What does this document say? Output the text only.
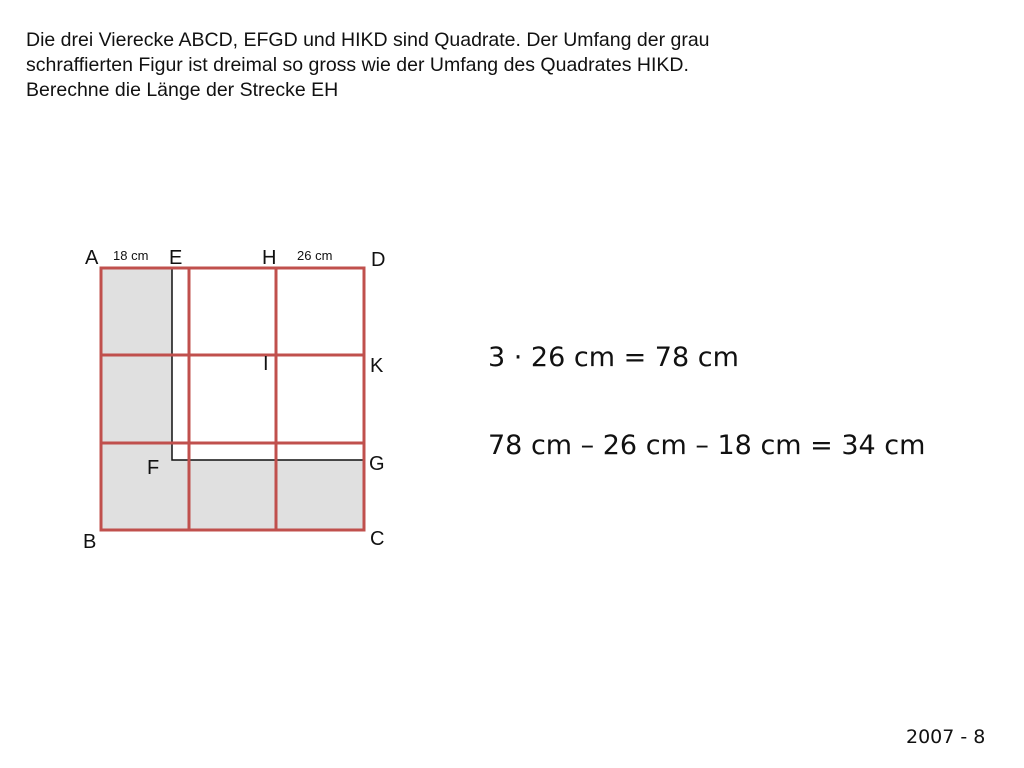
Die drei Vierecke ABCD, EFGD und HIKD sind Quadrate. Der Umfang der grau
schraffierten Figur ist dreimal so gross wie der Umfang des Quadrates HIKD.
Berechne die Länge der Strecke EH
A	E	H	D
I	K
F	G
B	C
18 cm	26 cm
3 · 26 cm = 78 cm
78 cm – 26 cm – 18 cm = 34 cm
2007 - 8
